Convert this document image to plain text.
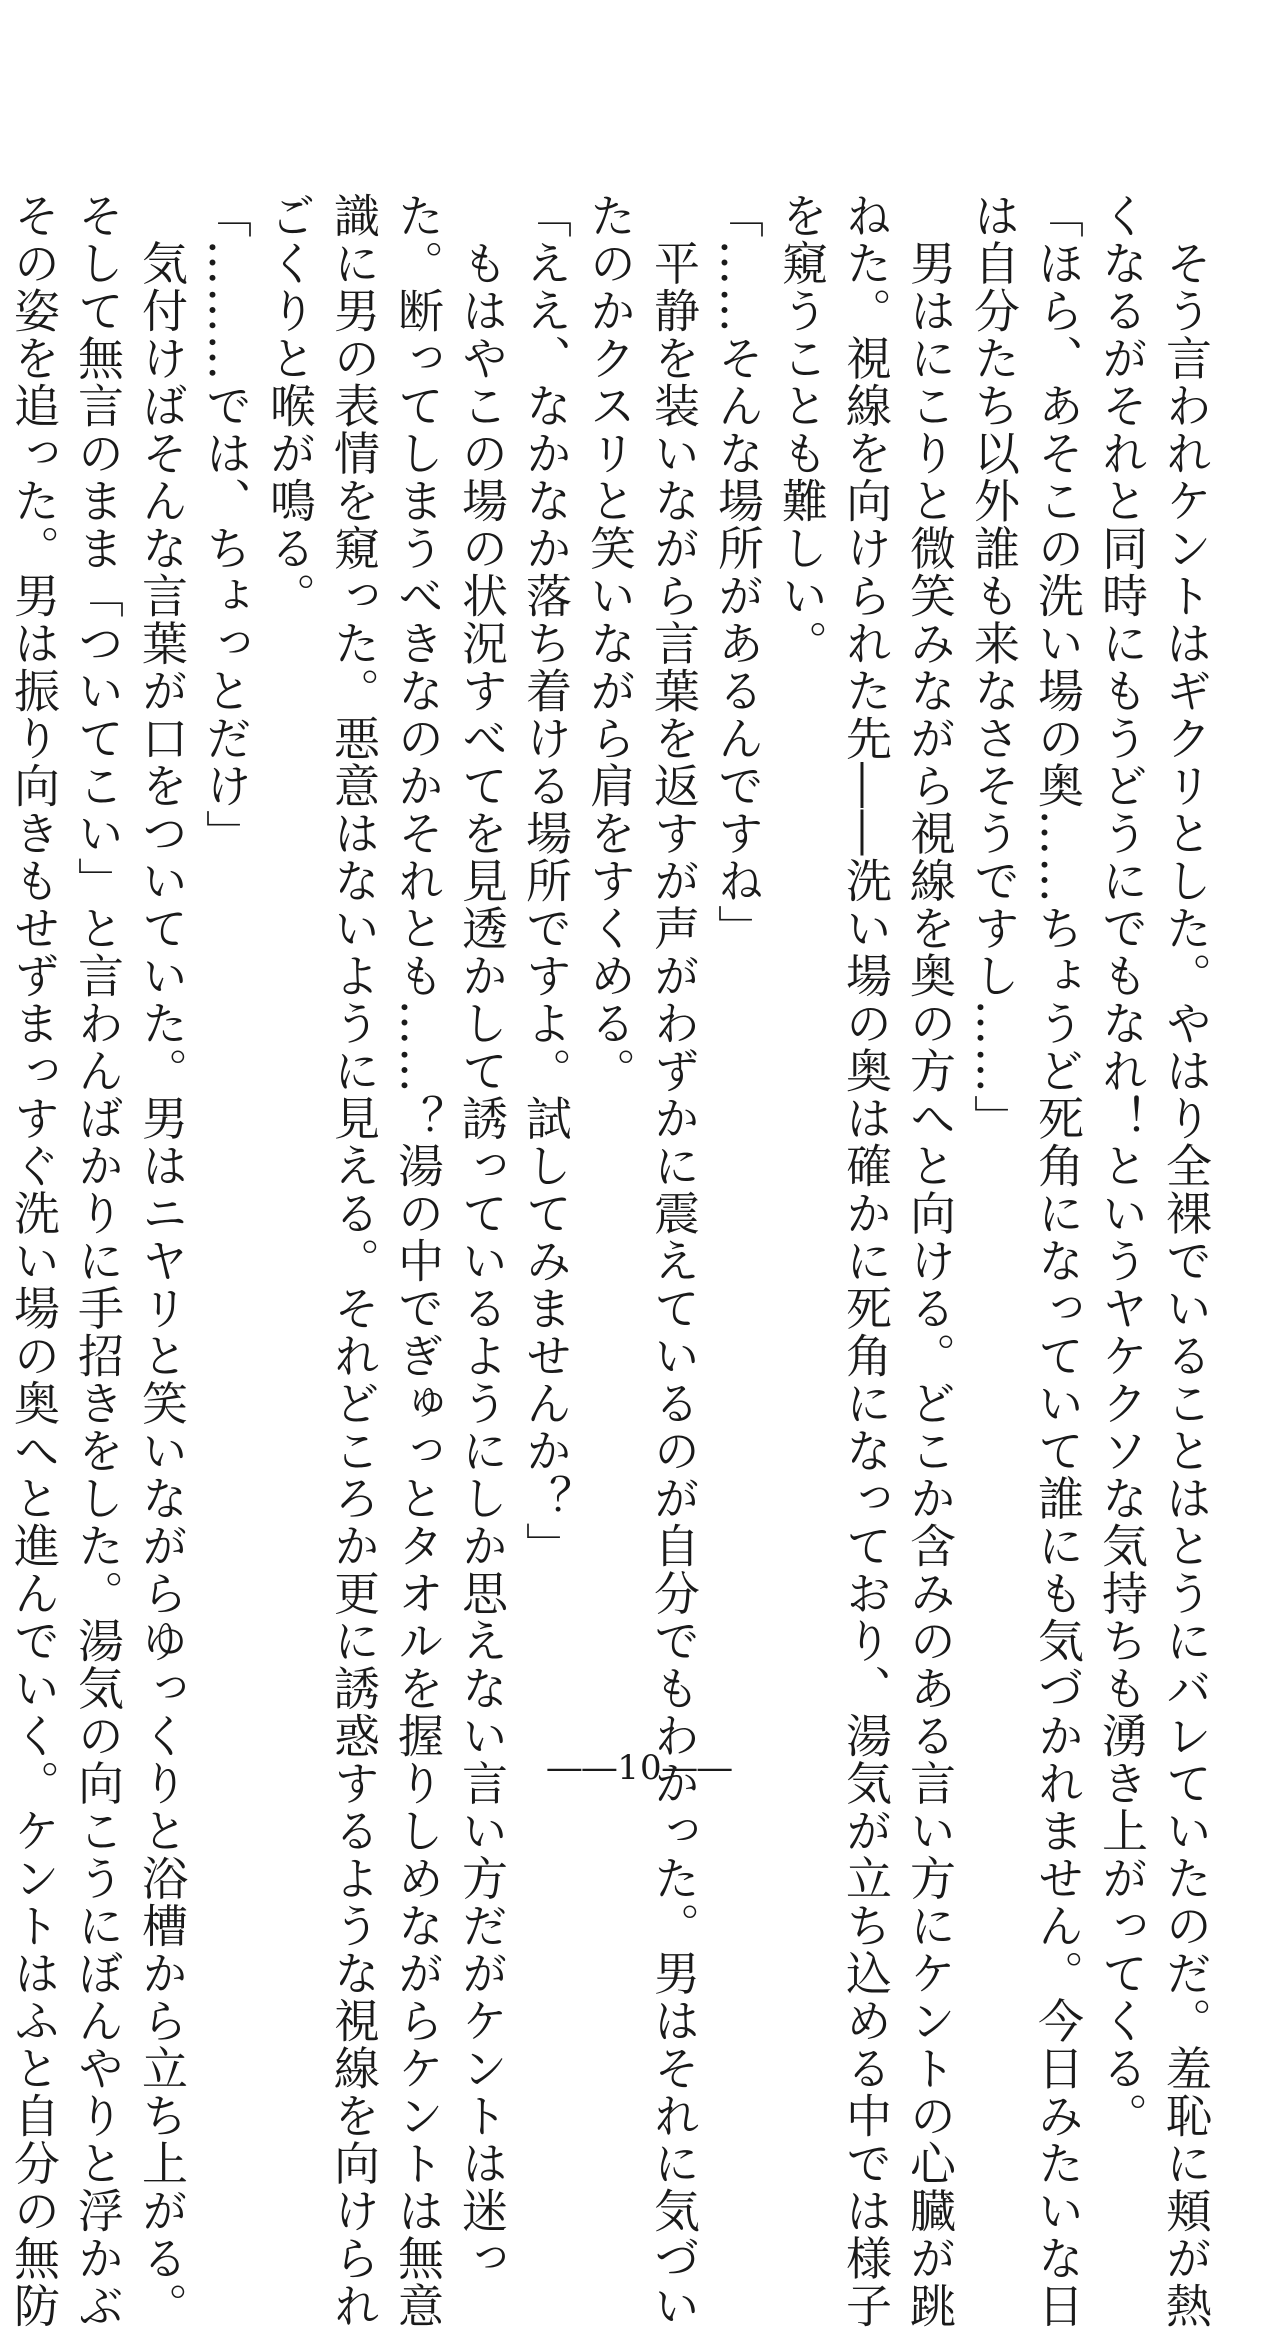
　そう言われケントはギクリとした。やはり全裸でいることはとうにバレていたのだ。羞恥に頬が熱

くなるがそれと同時にもうどうにでもなれ！というヤケクソな気持ちも湧き上がってくる。

「ほら、あそこの洗い場の奥……ちょうど死角になっていて誰にも気づかれません。今日みたいな日

は自分たち以外誰も来なさそうですし……」

　男はにこりと微笑みながら視線を奥の方へと向ける。どこか含みのある言い方にケントの心臓が跳

ねた。視線を向けられた先――洗い場の奥は確かに死角になっており、湯気が立ち込める中では様子

を窺うことも難しい。

「……そんな場所があるんですね」

　平静を装いながら言葉を返すが声がわずかに震えているのが自分でもわかった。男はそれに気づい

たのかクスリと笑いながら肩をすくめる。

「ええ、なかなか落ち着ける場所ですよ。試してみませんか？」

　もはやこの場の状況すべてを見透かして誘っているようにしか思えない言い方だがケントは迷っ

た。断ってしまうべきなのかそれとも……？湯の中でぎゅっとタオルを握りしめながらケントは無意

識に男の表情を窺った。悪意はないように見える。それどころか更に誘惑するような視線を向けられ

ごくりと喉が鳴る。

「………では、ちょっとだけ」

　気付けばそんな言葉が口をついていた。男はニヤリと笑いながらゆっくりと浴槽から立ち上がる。

そして無言のまま「ついてこい」と言わんばかりに手招きをした。湯気の向こうにぼんやりと浮かぶ

その姿を追った。男は振り向きもせずまっすぐ洗い場の奥へと進んでいく。ケントはふと自分の無防	――10――
